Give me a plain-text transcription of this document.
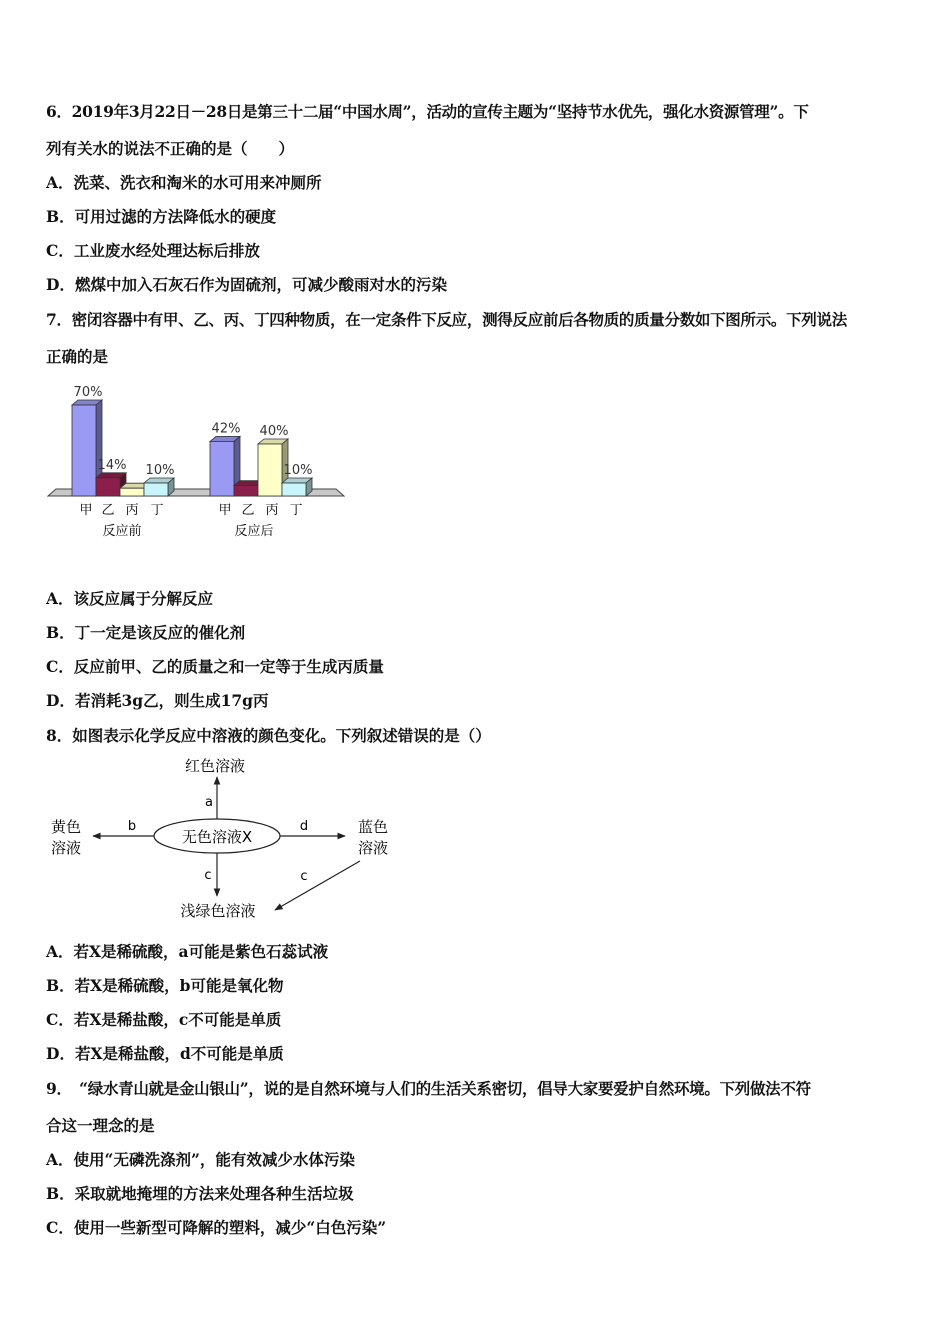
6．2019年3月22日－28日是第三十二届“中国水周”，活动的宣传主题为“坚持节水优先，强化水资源管理”。下
列有关水的说法不正确的是（　　）
A．洗菜、洗衣和淘米的水可用来冲厕所
B．可用过滤的方法降低水的硬度
C．工业废水经处理达标后排放
D．燃煤中加入石灰石作为固硫剂，可减少酸雨对水的污染
7．密闭容器中有甲、乙、丙、丁四种物质，在一定条件下反应，测得反应前后各物质的质量分数如下图所示。下列说法
正确的是
70%
14% 10%
42% 40%
10%
甲 乙 丙 丁
反应前
甲 乙 丙 丁
反应后
A．该反应属于分解反应
B．丁一定是该反应的催化剂
C．反应前甲、乙的质量之和一定等于生成丙质量
D．若消耗3g乙，则生成17g丙
8．如图表示化学反应中溶液的颜色变化。下列叙述错误的是（）
无色溶液X
a
红色溶液
b
黄色
溶液
d	蓝色
溶液
c	c
浅绿色溶液
A．若X是稀硫酸，a可能是紫色石蕊试液
B．若X是稀硫酸，b可能是氧化物
C．若X是稀盐酸，c不可能是单质
D．若X是稀盐酸，d不可能是单质
9．　“绿水青山就是金山银山”，说的是自然环境与人们的生活关系密切，倡导大家要爱护自然环境。下列做法不符
合这一理念的是
A．使用“无磷洗涤剂”，能有效减少水体污染
B．采取就地掩埋的方法来处理各种生活垃圾
C．使用一些新型可降解的塑料，减少“白色污染”
